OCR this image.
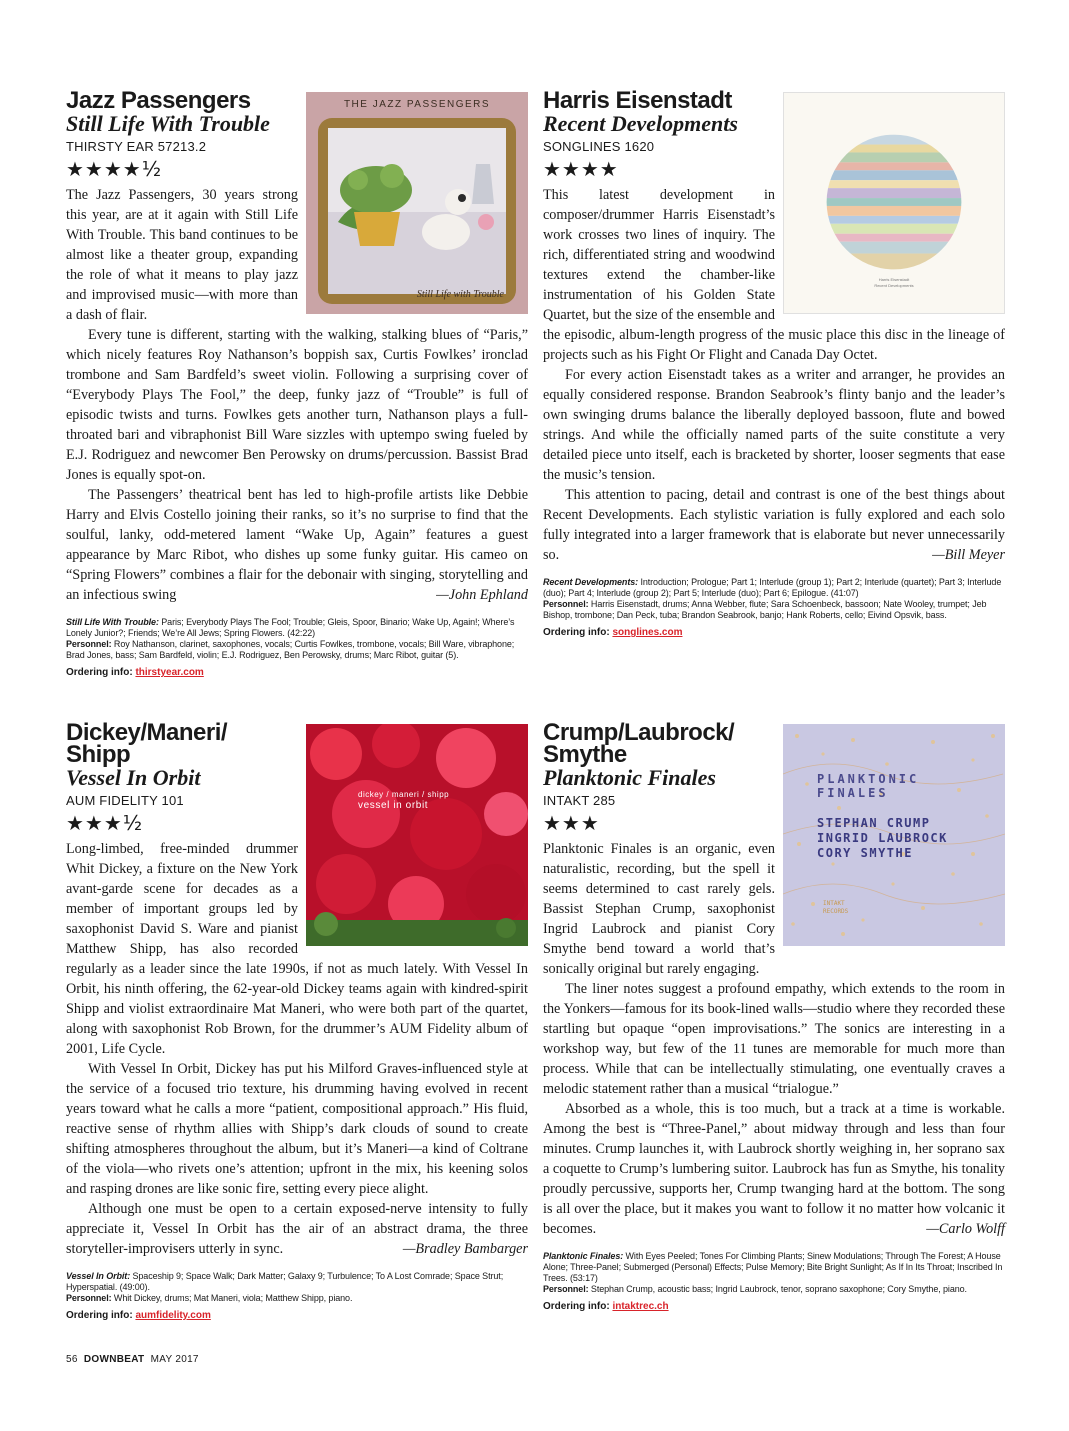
THE JAZZ PASSENGERS
Still Life with Trouble
Jazz Passengers
Still Life With Trouble
THIRSTY EAR 57213.2
★★★★½

The Jazz Passengers, 30 years strong this year, are at it again with Still Life With Trouble. This band continues to be almost like a theater group, expanding the role of what it means to play jazz and improvised music—with more than a dash of flair.

Every tune is different, starting with the walking, stalking blues of “Paris,” which nicely features Roy Nathanson’s boppish sax, Curtis Fowlkes’ ironclad trombone and Sam Bardfeld’s sweet violin. Following a surprising cover of “Everybody Plays The Fool,” the deep, funky jazz of “Trouble” is full of episodic twists and turns. Fowlkes gets another turn, Nathanson plays a full-throated bari and vibraphonist Bill Ware sizzles with uptempo swing fueled by E.J. Rodriguez and newcomer Ben Perowsky on drums/percussion. Bassist Brad Jones is equally spot-on.

The Passengers’ theatrical bent has led to high-profile artists like Debbie Harry and Elvis Costello joining their ranks, so it’s no surprise to find that the soulful, lanky, odd-metered lament “Wake Up, Again” features a guest appearance by Marc Ribot, who dishes up some funky guitar. His cameo on “Spring Flowers” combines a flair for the debonair with singing, storytelling and an infectious swing	—John Ephland

Still Life With Trouble: Paris; Everybody Plays The Fool; Trouble; Gleis, Spoor, Binario; Wake Up, Again!; Where’s Lonely Junior?; Friends; We’re All Jews; Spring Flowers. (42:22)
Personnel: Roy Nathanson, clarinet, saxophones, vocals; Curtis Fowlkes, trombone, vocals; Bill Ware, vibraphone; Brad Jones, bass; Sam Bardfeld, violin; E.J. Rodriguez, Ben Perowsky, drums; Marc Ribot, guitar (5).
Ordering info: thirstyear.com
Harris Eisenstadt
Recent Developments
Harris Eisenstadt
Recent Developments
SONGLINES 1620
★★★★

This latest development in composer/drummer Harris Eisenstadt’s work crosses two lines of inquiry. The rich, differentiated string and woodwind textures extend the chamber-like instrumentation of his Golden State Quartet, but the size of the ensemble and the episodic, album-length progress of the music place this disc in the lineage of projects such as his Fight Or Flight and Canada Day Octet.

For every action Eisenstadt takes as a writer and arranger, he provides an equally considered response. Brandon Seabrook’s flinty banjo and the leader’s own swinging drums balance the liberally deployed bassoon, flute and bowed strings. And while the officially named parts of the suite constitute a very detailed piece unto itself, each is bracketed by shorter, looser segments that ease the music’s tension.

This attention to pacing, detail and contrast is one of the best things about Recent Developments. Each stylistic variation is fully explored and each solo fully integrated into a larger framework that is elaborate but never unnecessarily so.	—Bill Meyer

Recent Developments: Introduction; Prologue; Part 1; Interlude (group 1); Part 2; Interlude (quartet); Part 3; Interlude (duo); Part 4; Interlude (group 2); Part 5; Interlude (duo); Part 6; Epilogue. (41:07)
Personnel: Harris Eisenstadt, drums; Anna Webber, flute; Sara Schoenbeck, bassoon; Nate Wooley, trumpet; Jeb Bishop, trombone; Dan Peck, tuba; Brandon Seabrook, banjo; Hank Roberts, cello; Eivind Opsvik, bass.
Ordering info: songlines.com
dickey / maneri / shipp
vessel in orbit
Dickey/Maneri/ Shipp
Vessel In Orbit
AUM FIDELITY 101
★★★½

Long-limbed, free-minded drummer Whit Dickey, a fixture on the New York avant-garde scene for decades as a member of important groups led by saxophonist David S. Ware and pianist Matthew Shipp, has also recorded regularly as a leader since the late 1990s, if not as much lately. With Vessel In Orbit, his ninth offering, the 62-year-old Dickey teams again with kindred-spirit Shipp and violist extraordinaire Mat Maneri, who were both part of the quartet, along with saxophonist Rob Brown, for the drummer’s AUM Fidelity album of 2001, Life Cycle.

With Vessel In Orbit, Dickey has put his Milford Graves-influenced style at the service of a focused trio texture, his drumming having evolved in recent years toward what he calls a more “patient, compositional approach.” His fluid, reactive sense of rhythm allies with Shipp’s dark clouds of sound to create shifting atmospheres throughout the album, but it’s Maneri—a kind of Coltrane of the viola—who rivets one’s attention; upfront in the mix, his keening solos and rasping drones are like sonic fire, setting every piece alight.

Although one must be open to a certain exposed-nerve intensity to fully appreciate it, Vessel In Orbit has the air of an abstract drama, the three storyteller-improvisers utterly in sync.	—Bradley Bambarger

Vessel In Orbit: Spaceship 9; Space Walk; Dark Matter; Galaxy 9; Turbulence; To A Lost Comrade; Space Strut; Hyperspatial. (49:00).
Personnel: Whit Dickey, drums; Mat Maneri, viola; Matthew Shipp, piano.
Ordering info: aumfidelity.com
PLANKTONIC
FINALES
STEPHAN CRUMP
INGRID LAUBROCK
CORY SMYTHE
INTAKT RECORDS
Crump/Laubrock/ Smythe
Planktonic Finales
INTAKT 285
★★★

Planktonic Finales is an organic, even naturalistic, recording, but the spell it seems determined to cast rarely gels. Bassist Stephan Crump, saxophonist Ingrid Laubrock and pianist Cory Smythe bend toward a world that’s sonically original but rarely engaging.

The liner notes suggest a profound empathy, which extends to the room in the Yonkers—famous for its book-lined walls—studio where they recorded these startling but opaque “open improvisations.” The sonics are interesting in a workshop way, but few of the 11 tunes are memorable for much more than process. While that can be intellectually stimulating, one eventually craves a melodic statement rather than a musical “trialogue.”

Absorbed as a whole, this is too much, but a track at a time is workable. Among the best is “Three-Panel,” about midway through and less than four minutes. Crump launches it, with Laubrock shortly weighing in, her soprano sax a coquette to Crump’s lumbering suitor. Laubrock has fun as Smythe, his tonality proudly percussive, supports her, Crump twanging hard at the bottom. The song is all over the place, but it makes you want to follow it no matter how volcanic it becomes.	—Carlo Wolff

Planktonic Finales: With Eyes Peeled; Tones For Climbing Plants; Sinew Modulations; Through The Forest; A House Alone; Three-Panel; Submerged (Personal) Effects; Pulse Memory; Bite Bright Sunlight; As If In Its Throat; Inscribed In Trees. (53:17)
Personnel: Stephan Crump, acoustic bass; Ingrid Laubrock, tenor, soprano saxophone; Cory Smythe, piano.
Ordering info: intaktrec.ch
56 DOWNBEAT MAY 2017
